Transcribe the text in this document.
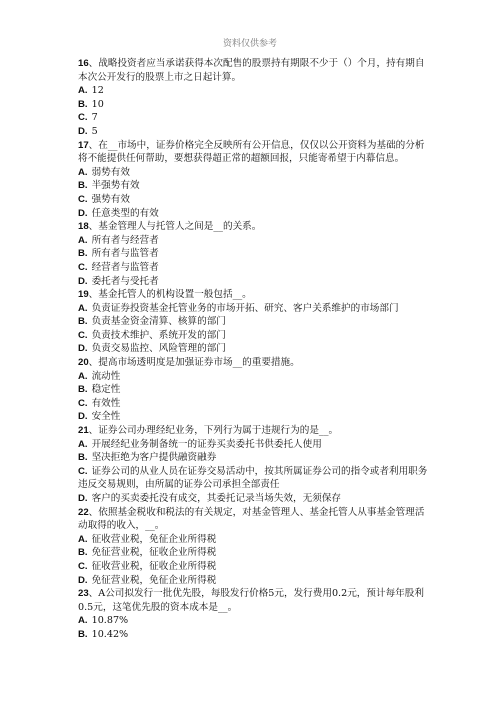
资料仅供参考

16、战略投资者应当承诺获得本次配售的股票持有期限不少于（）个月，持有期自本次公开发行的股票上市之日起计算。

A. 12

B. 10

C. 7

D. 5

17、在__市场中，证券价格完全反映所有公开信息，仅仅以公开资料为基础的分析将不能提供任何帮助，要想获得超正常的超额回报，只能寄希望于内幕信息。

A. 弱势有效

B. 半强势有效

C. 强势有效

D. 任意类型的有效

18、基金管理人与托管人之间是__的关系。

A. 所有者与经营者

B. 所有者与监管者

C. 经营者与监管者

D. 委托者与受托者

19、基金托管人的机构设置一般包括__。

A. 负责证券投资基金托管业务的市场开拓、研究、客户关系维护的市场部门

B. 负责基金资金清算、核算的部门

C. 负责技术维护、系统开发的部门

D. 负责交易监控、风险管理的部门

20、提高市场透明度是加强证券市场__的重要措施。

A. 流动性

B. 稳定性

C. 有效性

D. 安全性

21、证券公司办理经纪业务，下列行为属于违规行为的是__。

A. 开展经纪业务制备统一的证券买卖委托书供委托人使用

B. 坚决拒绝为客户提供融资融券

C. 证券公司的从业人员在证券交易活动中，按其所属证券公司的指令或者利用职务违反交易规则，由所属的证券公司承担全部责任

D. 客户的买卖委托没有成交，其委托记录当场失效，无须保存

22、依照基金税收和税法的有关规定，对基金管理人、基金托管人从事基金管理活动取得的收入，__。

A. 征收营业税，免征企业所得税

B. 免征营业税，征收企业所得税

C. 征收营业税，征收企业所得税

D. 免征营业税，免征企业所得税

23、A公司拟发行一批优先股，每股发行价格5元，发行费用0.2元，预计每年股利0.5元，这笔优先股的资本成本是__。

A. 10.87%

B. 10.42%
